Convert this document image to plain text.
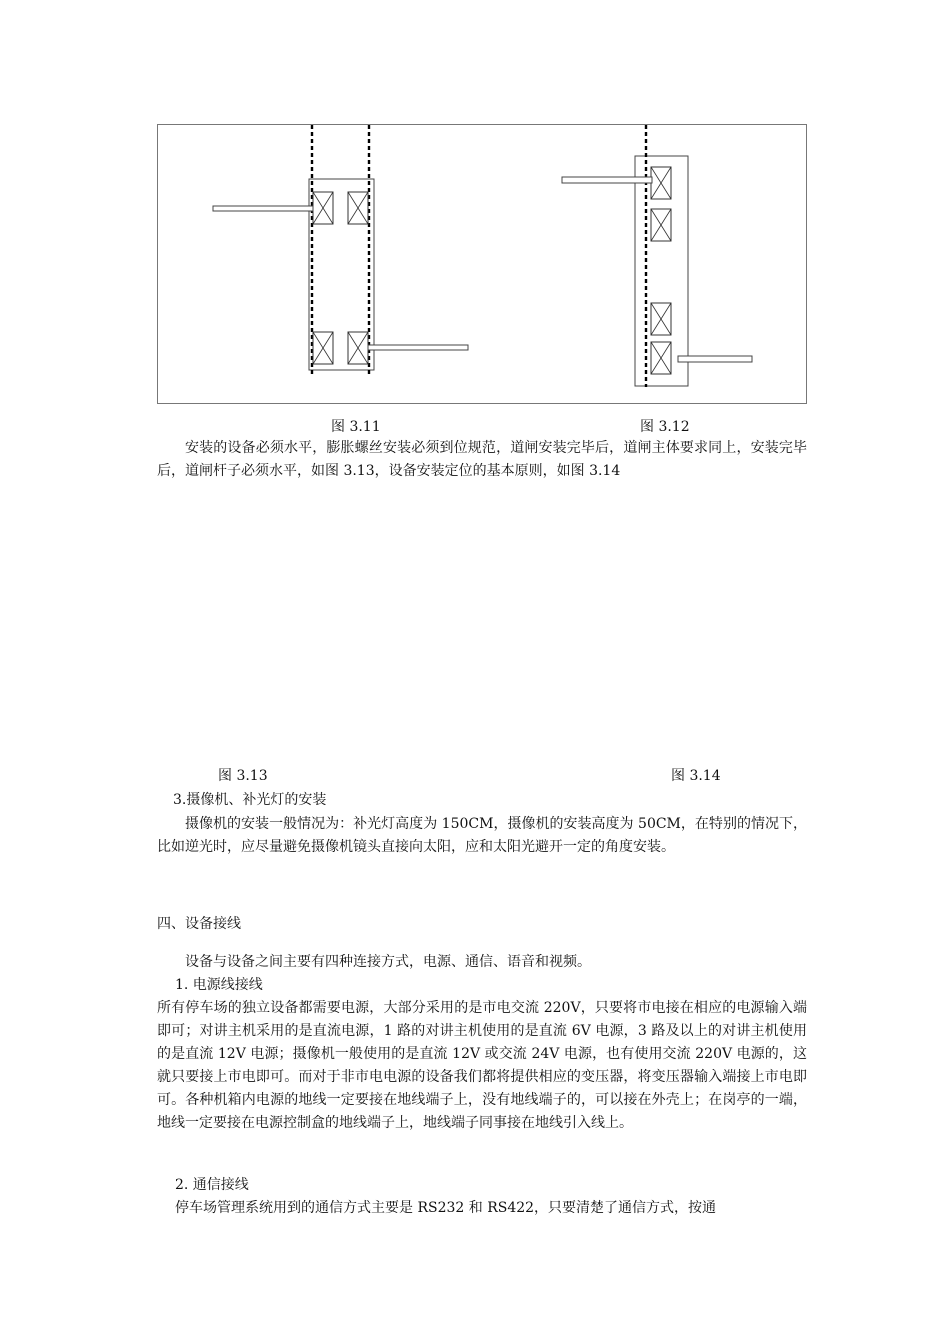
图 3.11	图 3.12

安装的设备必须水平，膨胀螺丝安装必须到位规范，道闸安装完毕后，道闸主体要求同上，安装完毕后，道闸杆子必须水平，如图 3.13，设备安装定位的基本原则，如图 3.14

图 3.13	图 3.14
3.摄像机、补光灯的安装

摄像机的安装一般情况为：补光灯高度为 150CM，摄像机的安装高度为 50CM，在特别的情况下，比如逆光时，应尽量避免摄像机镜头直接向太阳，应和太阳光避开一定的角度安装。

四、设备接线

设备与设备之间主要有四种连接方式，电源、通信、语音和视频。

1. 电源线接线

所有停车场的独立设备都需要电源，大部分采用的是市电交流 220V，只要将市电接在相应的电源输入端即可；对讲主机采用的是直流电源，1 路的对讲主机使用的是直流 6V 电源，3 路及以上的对讲主机使用的是直流 12V 电源；摄像机一般使用的是直流 12V 或交流 24V 电源，也有使用交流 220V 电源的，这就只要接上市电即可。而对于非市电电源的设备我们都将提供相应的变压器，将变压器输入端接上市电即可。各种机箱内电源的地线一定要接在地线端子上，没有地线端子的，可以接在外壳上；在岗亭的一端，地线一定要接在电源控制盒的地线端子上，地线端子同事接在地线引入线上。

2. 通信接线

停车场管理系统用到的通信方式主要是 RS232 和 RS422，只要清楚了通信方式，按通
